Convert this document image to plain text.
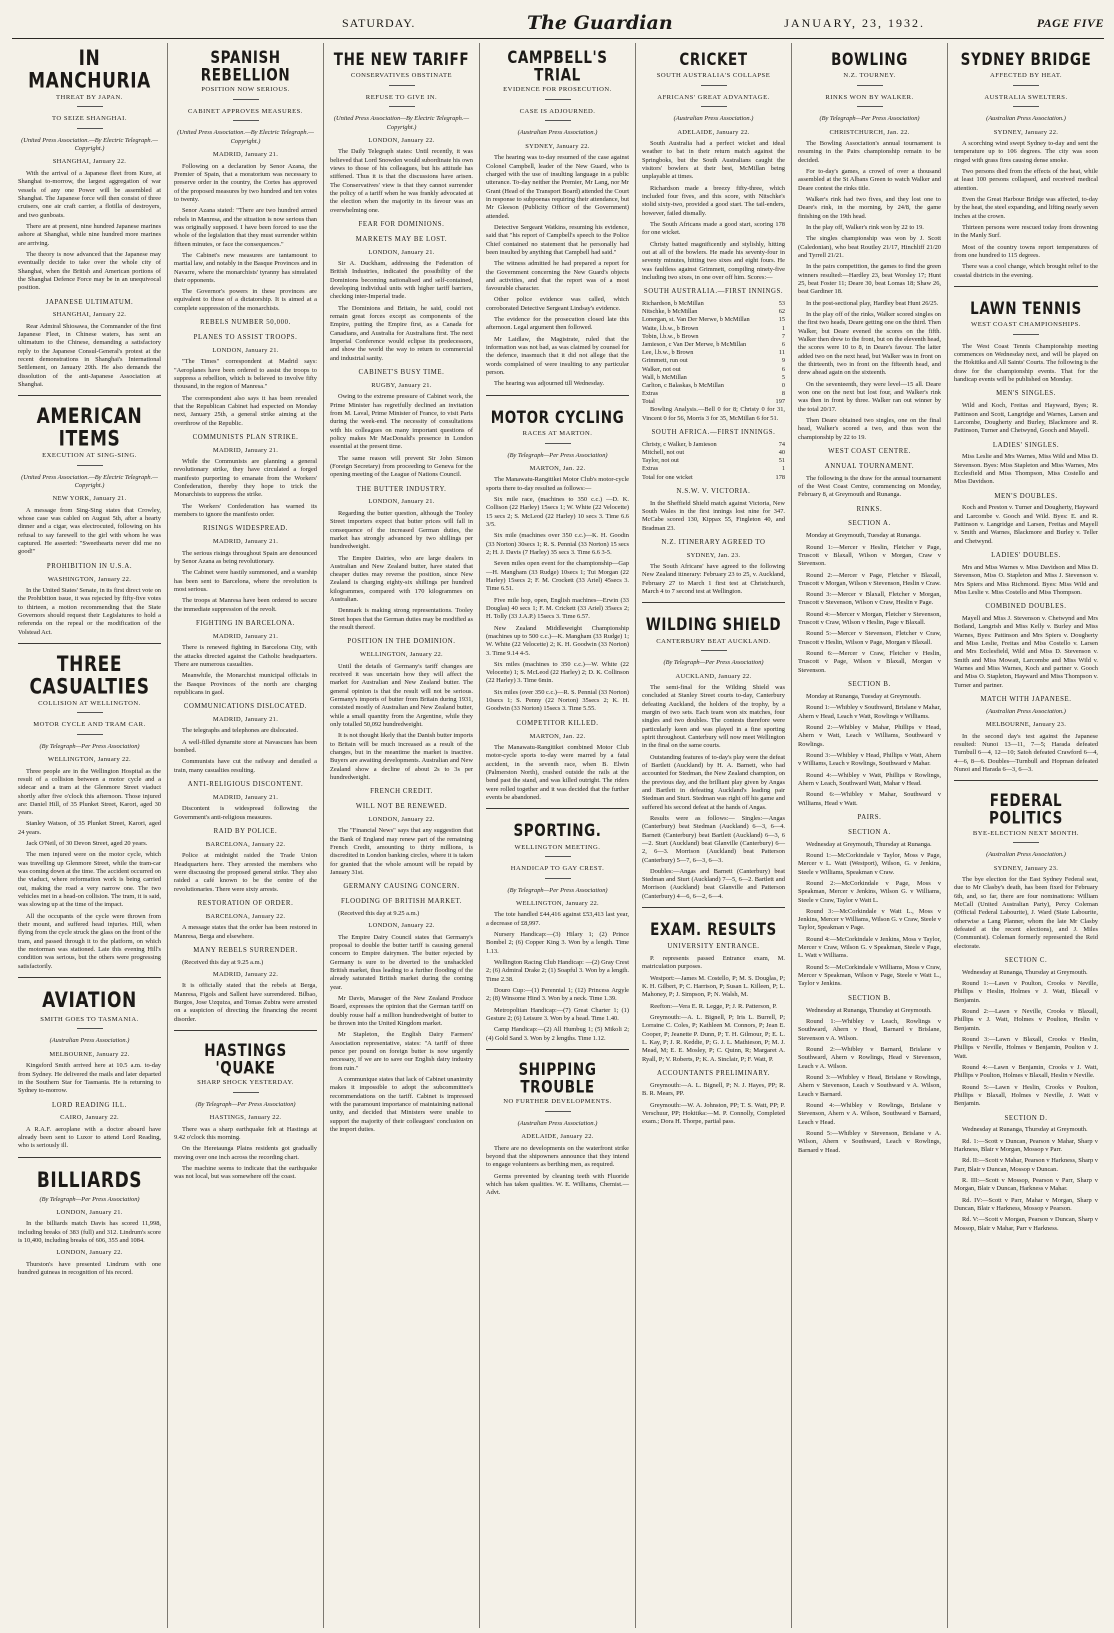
SATURDAY.	The Guardian	JANUARY, 23, 1932.	PAGE FIVE
IN MANCHURIA
THREAT BY JAPAN.
TO SEIZE SHANGHAI.
(United Press Association.—By Electric Telegraph.—Copyright.)
SHANGHAI, January 22.

With the arrival of a Japanese fleet from Kure, at Shanghai to-morrow, the largest aggregation of war vessels of any one Power will be assembled at Shanghai. The Japanese force will then consist of three cruisers, one air craft carrier, a flotilla of destroyers, and two gunboats.

There are at present, nine hundred Japanese marines ashore at Shanghai, while nine hundred more marines are arriving.

The theory is now advanced that the Japanese may eventually decide to take over the whole city of Shanghai, when the British and American portions of the Shanghai Defence Force may be in an unequivocal position.

JAPANESE ULTIMATUM.
SHANGHAI, January 22.

Rear Admiral Shiosawa, the Commander of the first Japanese Fleet, in Chinese waters, has sent an ultimatum to the Chinese, demanding a satisfactory reply to the Japanese Consul-General's protest at the recent demonstrations in Shanghai's International Settlement, on January 20th. He also demands the dissolution of the anti-Japanese Association at Shanghai.

AMERICAN ITEMS
EXECUTION AT SING-SING.
(United Press Association.—By Electric Telegraph.—Copyright.)
NEW YORK, January 21.

A message from Sing-Sing states that Crowley, whose case was cabled on August 5th, after a hearty dinner and a cigar, was electrocuted, following on his refusal to say farewell to the girl with whom he was captured. He asserted: "Sweethearts never did me no good!"

PROHIBITION IN U.S.A.
WASHINGTON, January 22.

In the United States' Senate, in its first direct vote on the Prohibition issue, it was rejected by fifty-five votes to thirteen, a motion recommending that the State Governors should request their Legislatures to hold a referenda on the repeal or the modification of the Volstead Act.

THREE CASUALTIES
COLLISION AT WELLINGTON.
MOTOR CYCLE AND TRAM CAR.
(By Telegraph—Per Press Association)
WELLINGTON, January 22.

Three people are in the Wellington Hospital as the result of a collision between a motor cycle and a sidecar and a tram at the Glenmore Street viaduct shortly after five o'clock this afternoon. Those injured are: Daniel Hill, of 35 Plunket Street, Karori, aged 30 years.

Stanley Watson, of 35 Plunket Street, Karori, aged 24 years.

Jack O'Neil, of 30 Devon Street, aged 20 years.

The men injured were on the motor cycle, which was travelling up Glenmore Street, while the tram-car was coming down at the time. The accident occurred on the viaduct, where reformation work is being carried out, making the road a very narrow one. The two vehicles met in a head-on collision. The tram, it is said, was slowing up at the time of the impact.

All the occupants of the cycle were thrown from their mount, and suffered head injuries. Hill, when flying from the cycle struck the glass on the front of the tram, and passed through it to the platform, on which the motorman was stationed. Late this evening Hill's condition was serious, but the others were progressing satisfactorily.

AVIATION
SMITH GOES TO TASMANIA.
(Australian Press Association.)
MELBOURNE, January 22.

Kingsford Smith arrived here at 10.5 a.m. to-day from Sydney. He delivered the mails and later departed in the Southern Star for Tasmania. He is returning to Sydney to-morrow.

LORD READING ILL.
CAIRO, January 22.

A R.A.F. aeroplane with a doctor aboard have already been sent to Luxor to attend Lord Reading, who is seriously ill.

BILLIARDS
(By Telegraph—Per Press Association)
LONDON, January 21.

In the billiards match Davis has scored 11,998, including breaks of 383 (full) and 312. Lindrum's score is 10,400, including breaks of 606, 355 and 1084.

LONDON, January 22.

Thurston's have presented Lindrum with one hundred guineas in recognition of his record.

SPANISH REBELLION
POSITION NOW SERIOUS.
CABINET APPROVES MEASURES.
(United Press Association.—By Electric Telegraph.—Copyright.)
MADRID, January 21.

Following on a declaration by Senor Azana, the Premier of Spain, that a moratorium was necessary to preserve order in the country, the Cortes has approved of the proposed measures by two hundred and ten votes to twenty.

Senor Azana stated: "There are two hundred armed rebels in Manresa, and the situation is now serious than was originally supposed. I have been forced to use the whole of the legislation that they must surrender within fifteen minutes, or face the consequences."

The Cabinet's new measures are tantamount to martial law, and notably in the Basque Provinces and in Navarre, where the monarchists' tyranny has simulated their opponents.

The Governor's powers in these provinces are equivalent to those of a dictatorship. It is aimed at a complete suppression of the monarchists.

REBELS NUMBER 50,000.
PLANES TO ASSIST TROOPS.
LONDON, January 21.

"The Times" correspondent at Madrid says: "Aeroplanes have been ordered to assist the troops to suppress a rebellion, which is believed to involve fifty thousand, in the region of Manresa."

The correspondent also says it has been revealed that the Republican Cabinet had expected on Monday next, January 25th, a general strike aiming at the overthrow of the Republic.

COMMUNISTS PLAN STRIKE.
MADRID, January 21.

While the Communists are planning a general revolutionary strike, they have circulated a forged manifesto purporting to emanate from the Workers' Confederation, thereby they hope to trick the Monarchists to suppress the strike.

The Workers' Confederation has warned its members to ignore the manifesto order.

RISINGS WIDESPREAD.
MADRID, January 21.

The serious risings throughout Spain are denounced by Senor Azana as being revolutionary.

The Cabinet were hastily summoned, and a warship has been sent to Barcelona, where the revolution is most serious.

The troops at Manresa have been ordered to secure the immediate suppression of the revolt.

FIGHTING IN BARCELONA.
MADRID, January 21.

There is renewed fighting in Barcelona City, with the attacks directed against the Catholic headquarters. There are numerous casualties.

Meanwhile, the Monarchist municipal officials in the Basque Provinces of the north are charging republicans in gaol.

COMMUNICATIONS DISLOCATED.
MADRID, January 21.

The telegraphs and telephones are dislocated.

A well-filled dynamite store at Navascues has been bombed.

Communists have cut the railway and derailed a train, many casualties resulting.

ANTI-RELIGIOUS DISCONTENT.
MADRID, January 21.

Discontent is widespread following the Government's anti-religious measures.

RAID BY POLICE.
BARCELONA, January 22.

Police at midnight raided the Trade Union Headquarters here. They arrested the members who were discussing the proposed general strike. They also raided a café known to be the centre of the revolutionaries. There were sixty arrests.

RESTORATION OF ORDER.
BARCELONA, January 22.

A message states that the order has been restored in Manresa, Berga and elsewhere.

MANY REBELS SURRENDER.

(Received this day at 9.25 a.m.)

MADRID, January 22.

It is officially stated that the rebels at Berga, Manresa, Figols and Sallent have surrendered. Bilbao, Burgos, Jose Uzquiza, and Tomas Zubira were arrested on a suspicion of directing the financing the recent disorder.

HASTINGS 'QUAKE
SHARP SHOCK YESTERDAY.
(By Telegraph—Per Press Association)
HASTINGS, January 22.

There was a sharp earthquake felt at Hastings at 9.42 o'clock this morning.

On the Heretaunga Plains residents got gradually moving over one inch across the recording chart.

The machine seems to indicate that the earthquake was not local, but was somewhere off the coast.

THE NEW TARIFF
CONSERVATIVES OBSTINATE
REFUSE TO GIVE IN.
(United Press Association—By Electric Telegraph.—Copyright.)
LONDON, January 22.

The Daily Telegraph states: Until recently, it was believed that Lord Snowden would subordinate his own views to those of his colleagues, but his attitude has stiffened. Thus it is that the discussions have arisen. The Conservatives' view is that they cannot surrender the policy of a tariff when he was frankly advocated at the election when the majority in its favour was an overwhelming one.

FEAR FOR DOMINIONS.
MARKETS MAY BE LOST.
LONDON, January 21.

Sir A. Duckham, addressing the Federation of British Industries, indicated the possibility of the Dominions becoming nationalised and self-contained, developing individual units with higher tariff barriers, checking inter-Imperial trade.

The Dominions and Britain, he said, could not remain great forces except as components of the Empire, putting the Empire first, as a Canada for Canadians, and Australia for Australians first. The next Imperial Conference would eclipse its predecessors, and show the world the way to return to commercial and industrial sanity.

CABINET'S BUSY TIME.
RUGBY, January 21.

Owing to the extreme pressure of Cabinet work, the Prime Minister has regretfully declined an invitation from M. Laval, Prime Minister of France, to visit Paris during the week-end. The necessity of consultations with his colleagues on many important questions of policy makes Mr MacDonald's presence in London essential at the present time.

The same reason will prevent Sir John Simon (Foreign Secretary) from proceeding to Geneva for the opening meeting of the League of Nations Council.

THE BUTTER INDUSTRY.
LONDON, January 21.

Regarding the butter question, although the Tooley Street importers expect that butter prices will fall in consequence of the increased German duties, the market has strongly advanced by two shillings per hundredweight.

The Empire Dairies, who are large dealers in Australian and New Zealand butter, have stated that cheaper duties may reverse the position, since New Zealand is charging eighty-six shillings per hundred kilogrammes, compared with 170 kilogrammes on Australian.

Denmark is making strong representations. Tooley Street hopes that the German duties may be modified as the result thereof.

POSITION IN THE DOMINION.
WELLINGTON, January 22.

Until the details of Germany's tariff changes are received it was uncertain how they will affect the market for Australian and New Zealand butter. The general opinion is that the result will not be serious. Germany's imports of butter from Britain during 1931, consisted mostly of Australian and New Zealand butter, while a small quantity from the Argentine, while they only totalled 50,092 hundredweight.

It is not thought likely that the Danish butter imports to Britain will be much increased as a result of the changes, but in the meantime the market is inactive. Buyers are awaiting developments. Australian and New Zealand show a decline of about 2s to 3s per hundredweight.

FRENCH CREDIT.
WILL NOT BE RENEWED.
LONDON, January 22.

The "Financial News" says that any suggestion that the Bank of England may renew part of the remaining French Credit, amounting to thirty millions, is discredited in London banking circles, where it is taken for granted that the whole amount will be repaid by January 31st.

GERMANY CAUSING CONCERN.
FLOODING OF BRITISH MARKET.

(Received this day at 9.25 a.m.)

LONDON, January 22.

The Empire Dairy Council states that Germany's proposal to double the butter tariff is causing general concern to Empire dairymen. The butter rejected by Germany is sure to be diverted to the unshackled British market, thus leading to a further flooding of the already saturated British market during the coming year.

Mr Davis, Manager of the New Zealand Produce Board, expresses the opinion that the German tariff on doubly rouse half a million hundredweight of butter to be thrown into the United Kingdom market.

Mr Stapleton, the English Dairy Farmers' Association representative, states: "A tariff of three pence per pound on foreign butter is now urgently necessary, if we are to save our English dairy industry from ruin."

A communique states that lack of Cabinet unanimity makes it impossible to adopt the subcommittee's recommendations on the tariff. Cabinet is impressed with the paramount importance of maintaining national unity, and decided that Ministers were unable to support the majority of their colleagues' conclusion on the import duties.

CAMPBELL'S TRIAL
EVIDENCE FOR PROSECUTION.
CASE IS ADJOURNED.
(Australian Press Association.)
SYDNEY, January 22.

The hearing was to-day resumed of the case against Colonel Campbell, leader of the New Guard, who is charged with the use of insulting language in a public utterance. To-day neither the Premier, Mr Lang, nor Mr Grant (Head of the Transport Board) attended the Court in response to subpoenas requiring their attendance, but Mr Gleeson (Publicity Officer of the Government) attended.

Detective Sergeant Watkins, resuming his evidence, said that "his report of Campbell's speech to the Police Chief contained no statement that he personally had been insulted by anything that Campbell had said."

The witness admitted he had prepared a report for the Government concerning the New Guard's objects and activities, and that the report was of a most favourable character.

Other police evidence was called, which corroborated Detective Sergeant Lindsay's evidence.

The evidence for the prosecution closed late this afternoon. Legal argument then followed.

Mr Laidlaw, the Magistrate, ruled that the information was not bad, as was claimed by counsel for the defence, inasmuch that it did not allege that the words complained of were insulting to any particular person.

The hearing was adjourned till Wednesday.

MOTOR CYCLING
RACES AT MARTON.
(By Telegraph—Per Press Association)
MARTON, Jan. 22.

The Manawatu-Rangitikei Motor Club's motor-cycle sports there to-day resulted as follows:—

Six mile race, (machines to 350 c.c.) —D. K. Collison (22 Harley) 15secs 1; W. White (22 Velocette) 15 secs 2; S. McLeod (22 Harley) 10 secs 3. Time 6.6 3/5.

Six mile (machines over 350 c.c.)—K. H. Goodin (33 Norton) 30secs 1; R. S. Pennial (33 Norton) 15 secs 2; H. J. Davis (7 Harley) 35 secs 3. Time 6.6 3-5.

Seven miles open event for the championship—Gap—H. Mangham (33 Rudge) 10secs 1; Tui Morgan (22 Harley) 15secs 2; F. M. Crockett (33 Ariel) 45secs 3. Time 6.51.

Five mile hop, open, English machines—Erwin (33 Douglas) 40 secs 1; F. M. Crickett (33 Ariel) 35secs 2; H. Tolly (33 J.A.P.) 15secs 3. Time 6.57.

New Zealand Middleweight Championship (machines up to 500 c.c.)—K. Mangham (33 Rudge) 1; W. White (22 Velocette) 2; K. H. Goodwin (33 Norton) 3. Time 9.14 4-5.

Six miles (machines to 350 c.c.)—W. White (22 Velocette) 1; S. McLeod (22 Harley) 2; D. K. Collinson (22 Harley) 3. Time 6min.

Six miles (over 350 c.c.)—R. S. Pennial (33 Norton) 10secs 1; S. Penny (22 Norton) 35secs 2; K. H. Goodwin (33 Norton) 15secs 3. Time 5.55.

COMPETITOR KILLED.
MARTON, Jan. 22.

The Manawatu-Rangitikei combined Motor Club motor-cycle sports to-day were marred by a fatal accident, in the seventh race, when B. Elwin (Palmerston North), crashed outside the rails at the bend past the stand, and was killed outright. The riders were rolled together and it was decided that the further events be abandoned.

SPORTING.
WELLINGTON MEETING.
HANDICAP TO GAY CREST.
(By Telegraph—Per Press Association)
WELLINGTON, January 22.

The tote handled £44,416 against £53,413 last year, a decrease of £8,997.

Nursery Handicap:—(3) Hilary 1; (2) Prince Bombel 2; (6) Copper King 3. Won by a length. Time 1.13.

Wellington Racing Club Handicap: —(2) Gray Crest 2; (6) Admiral Drake 2; (1) Soapful 3. Won by a length. Time 2.38.

Douro Cup:—(1) Perennial 1; (12) Princess Argyle 2; (8) Winsome Hind 3. Won by a neck. Time 1.39.

Metropolitan Handicap:—(7) Great Charter 1; (1) Gesture 2; (6) Leisure 3. Won by a head. Time 1.40.

Camp Handicap:—(2) All Humbug 1; (5) Mikoli 2; (4) Gold Sand 3. Won by 2 lengths. Time 1.12.

SHIPPING TROUBLE
NO FURTHER DEVELOPMENTS.
(Australian Press Association.)
ADELAIDE, January 22.

There are no developments on the waterfront strike beyond that the shipowners announce that they intend to engage volunteers as berthing men, as required.

Germs prevented by cleaning teeth with Fluoride which has taken qualities. W. E. Williams, Chemist.—Advt.

CRICKET
SOUTH AUSTRALIA'S COLLAPSE
AFRICANS' GREAT ADVANTAGE.
(Australian Press Association.)
ADELAIDE, January 22.

South Australia had a perfect wicket and ideal weather to bat in their return match against the Springboks, but the South Australians caught the visitors' bowlers at their best, McMillan being unplayable at times.

Richardson made a breezy fifty-three, which included four fives, and this score, with Nitschke's stolid sixty-two, provided a good start. The tail-enders, however, failed dismally.

The South Africans made a good start, scoring 178 for one wicket.

Christy batted magnificently and stylishly, hitting out at all of the bowlers. He made his seventy-four in seventy minutes, hitting two sixes and eight fours. He was faultless against Grimmett, compiling ninety-five including two sixes, in one over off him. Scores:—

SOUTH AUSTRALIA.—FIRST INNINGS.
Richardson, b McMillan	53
Nitschke, b McMillan	62
Lonergan, st. Van Der Merwe, b McMillan	15
Waite, l.b.w., b Brown	1
Tobin, l.b.w., b Brown	7
Jamieson, c Van Der Merwe, b McMillan	6
Lee, l.b.w., b Brown	11
Grimmett, run out	9
Walker, not out	6
Wall, b McMillan	5
Carlton, c Balaskas, b McMillan	0
Extras	8
Total	197

Bowling Analysis.—Bell 0 for 8; Christy 0 for 31, Vincent 0 for 56, Morris 3 for 35, McMillan 6 for 51.

SOUTH AFRICA.—FIRST INNINGS.
Christy, c Walker, b Jamieson	74
Mitchell, not out	40
Taylor, not out	51
Extras	1
Total for one wicket	178
N.S.W. V. VICTORIA.

In the Sheffield Shield match against Victoria, New South Wales in the first innings lost nine for 347. McCabe scored 130, Kippax 55, Fingleton 40, and Bradman 23.

N.Z. ITINERARY AGREED TO
SYDNEY, Jan. 23.

The South Africans' have agreed to the following New Zealand itinerary: February 23 to 25, v. Auckland, February 27 to March 1 first test at Christchurch, March 4 to 7 second test at Wellington.

WILDING SHIELD
CANTERBURY BEAT AUCKLAND.
(By Telegraph—Per Press Association)
AUCKLAND, January 22.

The semi-final for the Wilding Shield was concluded at Stanley Street courts to-day, Canterbury defeating Auckland, the holders of the trophy, by a margin of two sets. Each team won six matches, four singles and two doubles. The contests therefore were particularly keen and was played in a fine sporting spirit throughout. Canterbury will now meet Wellington in the final on the same courts.

Outstanding features of to-day's play were the defeat of Bartlett (Auckland) by H. A. Barnett, who had accounted for Stedman, the New Zealand champion, on the previous day, and the brilliant play given by Angas and Bartlett in defeating Auckland's leading pair Stedman and Sturt. Stedman was right off his game and suffered his second defeat at the hands of Angas.

Results were as follows:— Singles:—Angas (Canterbury) beat Stedman (Auckland) 6—3, 6—4. Barnett (Canterbury) beat Bartlett (Auckland) 6—3, 6—2. Sturt (Auckland) beat Glanville (Canterbury) 6—2, 6—3. Morrison (Auckland) beat Patterson (Canterbury) 5—7, 6—3, 6—3.

Doubles:—Angas and Barnett (Canterbury) beat Stedman and Sturt (Auckland) 7—5, 6—2. Bartlett and Morrison (Auckland) beat Glanville and Patterson (Canterbury) 4—6, 6—2, 6—4.

EXAM. RESULTS
UNIVERSITY ENTRANCE.

P. represents passed Entrance exam, M. matriculation purposes.

Westport:—James M. Costello, P; M. S. Douglas, P; K. H. Gilbert, P; C. Harrison, P; Susan L. Killeen, P; L. Mahoney, P; J. Simpson, P; N. Walsh, M.

Reefton:—Vera E. R. Legge, P; J. R. Patterson, P.

Greymouth:—A. L. Bignell, P; Iris L. Burrell, P; Lorraine C. Coles, P; Kathleen M. Connors, P; Jean E. Cooper, P; Jeanette P. Dunn, P; T. H. Gilmour, P; E. L. L. Kay, P; J. R. Keddie, P; G. J. L. Mathieson, P; M. J. Mead, M; E. E. Mosley, P; C. Quinn, R; Margaret A. Ryall, P; V. Roberts, P; K. A. Sinclair, P; F. Watt, P.

ACCOUNTANTS PRELIMINARY.

Greymouth:—A. L. Bignell, P; N. J. Hayes, PP; R. B. R. Mears, PP.

Greymouth:—W. A. Johnston, PP; T. S. Watt, PP; P. Verschuur, PP; Hokitika:—M. P. Connolly, Completed exam.; Dora H. Thorpe, partial pass.

BOWLING
N.Z. TOURNEY.
RINKS WON BY WALKER.
(By Telegraph—Per Press Association)
CHRISTCHURCH, Jan. 22.

The Bowling Association's annual tournament is resuming in the Pairs championship remain to be decided.

For to-day's games, a crowd of over a thousand assembled at the St Albans Green to watch Walker and Deare contest the rinks title.

Walker's rink had two fives, and they lost one to Deare's rink, in the morning, by 24/8, the game finishing on the 19th head.

In the play off, Walker's rink won by 22 to 19.

The singles championship was won by J. Scott (Caledonian), who beat Routley 21/17, Hinchliff 21/20 and Tyrrell 21/21.

In the pairs competition, the games to find the green winners resulted:—Hardley 23, beat Worsley 17; Hunt 25, beat Foster 11; Deare 30, beat Lomas 18; Shaw 26, beat Gardiner 18.

In the post-sectional play, Hardley beat Hunt 26/25.

In the play off of the rinks, Walker scored singles on the first two heads, Deare getting one on the third. Then Walker, but Deare evened the scores on the fifth. Walker then drew to the front, but on the eleventh head, the scores were 10 to 8, in Deare's favour. The latter added two on the next head, but Walker was in front on the thirteenth, two in front on the fifteenth head, and drew ahead again on the sixteenth.

On the seventeenth, they were level—15 all. Deare won one on the next but lost four, and Walker's rink was then in front by three. Walker ran out winner by the total 20/17.

Then Deare obtained two singles, one on the final head, Walker's scored a two, and thus won the championship by 22 to 19.

WEST COAST CENTRE.
ANNUAL TOURNAMENT.

The following is the draw for the annual tournament of the West Coast Centre, commencing on Monday, February 8, at Greymouth and Runanga.

RINKS.
SECTION A.

Monday at Greymouth, Tuesday at Runanga.

Round 1:—Mercer v Heslin, Fletcher v Page, Truscott v Blaxall, Wilson v Morgan, Craw v Stevenson.

Round 2:—Mercer v Page, Fletcher v Blaxall, Truscott v Morgan, Wilson v Stevenson, Heslin v Craw.

Round 3:—Mercer v Blaxall, Fletcher v Morgan, Truscott v Stevenson, Wilson v Craw, Heslin v Page.

Round 4:—Mercer v Morgan, Fletcher v Stevenson, Truscott v Craw, Wilson v Heslin, Page v Blaxall.

Round 5:—Mercer v Stevenson, Fletcher v Craw, Truscott v Heslin, Wilson v Page, Morgan v Blaxall.

Round 6:—Mercer v Craw, Fletcher v Heslin, Truscott v Page, Wilson v Blaxall, Morgan v Stevenson.

SECTION B.

Monday at Runanga, Tuesday at Greymouth.

Round 1:—Whibley v Southward, Brislane v Mahar, Ahern v Head, Leach v Watt, Rowlings v Williams.

Round 2:—Whibley v Mahar, Phillips v Head, Ahern v Watt, Leach v Williams, Southward v Rowlings.

Round 3:—Whibley v Head, Phillips v Watt, Ahern v Williams, Leach v Rowlings, Southward v Mahar.

Round 4:—Whibley v Watt, Phillips v Rowlings, Ahern v Leach, Southward Watt, Mahar v Head.

Round 6:—Whibley v Mahar, Southward v Williams, Head v Watt.

PAIRS.
SECTION A.

Wednesday at Greymouth, Thursday at Runanga.

Round 1:—McCorkindale v Taylor, Moss v Page, Mercer v L. Watt (Westport), Wilson, G. v Jenkins, Steele v Williams, Speakman v Craw.

Round 2:—McCorkindale v Page, Moss v Speakman, Mercer v Jenkins, Wilson G. v Williams, Steele v Craw, Taylor v Watt L.

Round 3:—McCorkindale v Watt L., Moss v Jenkins, Mercer v Williams, Wilson G. v Craw, Steele v Taylor, Speakman v Page.

Round 4:—McCorkindale v Jenkins, Moss v Taylor, Mercer v Craw, Wilson G. v Speakman, Steele v Page, L. Watt v Williams.

Round 5:—McCorkindale v Williams, Moss v Craw, Mercer v Speakman, Wilson v Page, Steele v Watt L., Taylor v Jenkins.

SECTION B.

Wednesday at Runanga, Thursday at Greymouth.

Round 1:—Whibley v Leach, Rowlings v Southward, Ahern v Head, Barnard v Brislane, Stevenson v A. Wilson.

Round 2:—Whibley v Barnard, Brislane v Southward, Ahern v Rowlings, Head v Stevenson, Leach v A. Wilson.

Round 3:—Whibley v Head, Brislane v Rowlings, Ahern v Stevenson, Leach v Southward v A. Wilson, Leach v Barnard.

Round 4:—Whibley v Rowlings, Brislane v Stevenson, Ahern v A. Wilson, Southward v Barnard, Leach v Head.

Round 5:—Whibley v Stevenson, Brislane v A. Wilson, Ahern v Southward, Leach v Rowlings, Barnard v Head.

SYDNEY BRIDGE
AFFECTED BY HEAT.
AUSTRALIA SWELTERS.
(Australian Press Association.)
SYDNEY, January 22.

A scorching wind swept Sydney to-day and sent the temperature up to 106 degrees. The city was soon ringed with grass fires causing dense smoke.

Two persons died from the effects of the heat, while at least 100 persons collapsed, and received medical attention.

Even the Great Harbour Bridge was affected, to-day by the heat, the steel expanding, and lifting nearly seven inches at the crown.

Thirteen persons were rescued today from drowning in the Manly Surf.

Most of the country towns report temperatures of from one hundred to 115 degrees.

There was a cool change, which brought relief to the coastal districts in the evening.

LAWN TENNIS
WEST COAST CHAMPIONSHIPS.

The West Coast Tennis Championship meeting commences on Wednesday next, and will be played on the Hokitika and All Saints' Courts. The following is the draw for the championship events. That for the handicap events will be published on Monday.

MEN'S SINGLES.

Wild and Koch, Freitas and Hayward, Byes; R. Pattinson and Scott, Langridge and Warnes, Larsen and Larcombe, Dougherty and Burley, Blackmore and R. Pattinson, Turner and Chetwynd, Gooch and Mayell.

LADIES' SINGLES.

Miss Leslie and Mrs Warnes, Miss Wild and Miss D. Stevenson. Byes: Miss Stapleton and Miss Warnes, Mrs Ecclesfield and Miss Thompson, Miss Costello and Miss Davidson.

MEN'S DOUBLES.

Koch and Preston v. Turner and Dougherty, Hayward and Larcombe v. Gooch and Wild. Byes: E. and R. Pattinson v. Langridge and Larsen, Freitas and Mayell v. Smith and Warnes, Blackmore and Burley v. Teller and Chetwynd.

LADIES' DOUBLES.

Mrs and Miss Warnes v. Miss Davidson and Miss D. Stevenson, Miss O. Stapleton and Miss J. Stevenson v. Mrs Spiers and Miss Richmond. Byes: Miss Wild and Miss Leslie v. Miss Costello and Miss Thompson.

COMBINED DOUBLES.

Mayell and Miss J. Stevenson v. Chetwynd and Mrs Botland, Langrish and Miss Kelly v. Burley and Miss Warnes, Byes: Pattinson and Mrs Spiers v. Dougherty and Miss Leslie, Freitas and Miss Costello v. Larsen and Mrs Ecclesfield, Wild and Miss D. Stevenson v. Smith and Miss Mowatt, Larcombe and Miss Wild v. Warnes and Miss Warnes, Koch and partner v. Gooch and Miss O. Stapleton, Hayward and Miss Thompson v. Turner and partner.

MATCH WITH JAPANESE.
(Australian Press Association.)
MELBOURNE, January 23.

In the second day's test against the Japanese resulted: Nunoi 13—11, 7—5; Harada defeated Turnbull 6—4, 12—10; Satoh defeated Crawford 6—4, 4—6, 8—6. Doubles—Turnbull and Hopman defeated Nunoi and Harada 6—3, 6—3.

FEDERAL POLITICS
BYE-ELECTION NEXT MONTH.
(Australian Press Association.)
SYDNEY, January 23.

The bye election for the East Sydney Federal seat, due to Mr Clasby's death, has been fixed for February 6th, and, so far, there are four nominations: William McCall (United Australian Party), Percy Coleman (Official Federal Labourite), J. Ward (State Labourite, otherwise a Lang Planner, whom the late Mr Clasby defeated at the recent elections), and J. Miles (Communist). Coleman formerly represented the Reid electorate.

SECTION C.

Wednesday at Runanga, Thursday at Greymouth.

Round 1:—Lawn v Poulton, Crooks v Neville, Phillips v Heslin, Holmes v J. Watt, Blaxall v Benjamin.

Round 2:—Lawn v Neville, Crooks v Blaxall, Phillips v J. Watt, Holmes v Poulton, Heslin v Benjamin.

Round 3:—Lawn v Blaxall, Crooks v Heslin, Phillips v Neville, Holmes v Benjamin, Poulton v J. Watt.

Round 4:—Lawn v Benjamin, Crooks v J. Watt, Phillips v Poulton, Holmes v Blaxall, Heslin v Neville.

Round 5:—Lawn v Heslin, Crooks v Poulton, Phillips v Blaxall, Holmes v Neville, J. Watt v Benjamin.

SECTION D.

Wednesday at Runanga, Thursday at Greymouth.

Rd. 1:—Scott v Duncan, Pearson v Mahar, Sharp v Harkness, Blair v Morgan, Mossop v Parr.

Rd. II:—Scott v Mahar, Pearson v Harkness, Sharp v Parr, Blair v Duncan, Mossop v Duncan.

R. III:—Scott v Mossop, Pearson v Parr, Sharp v Morgan, Blair v Duncan, Harkness v Mahar.

Rd. IV:—Scott v Parr, Mahar v Morgan, Sharp v Duncan, Blair v Harkness, Mossop v Pearson.

Rd. V:—Scott v Morgan, Pearson v Duncan, Sharp v Mossop, Blair v Mahar, Parr v Harkness.
